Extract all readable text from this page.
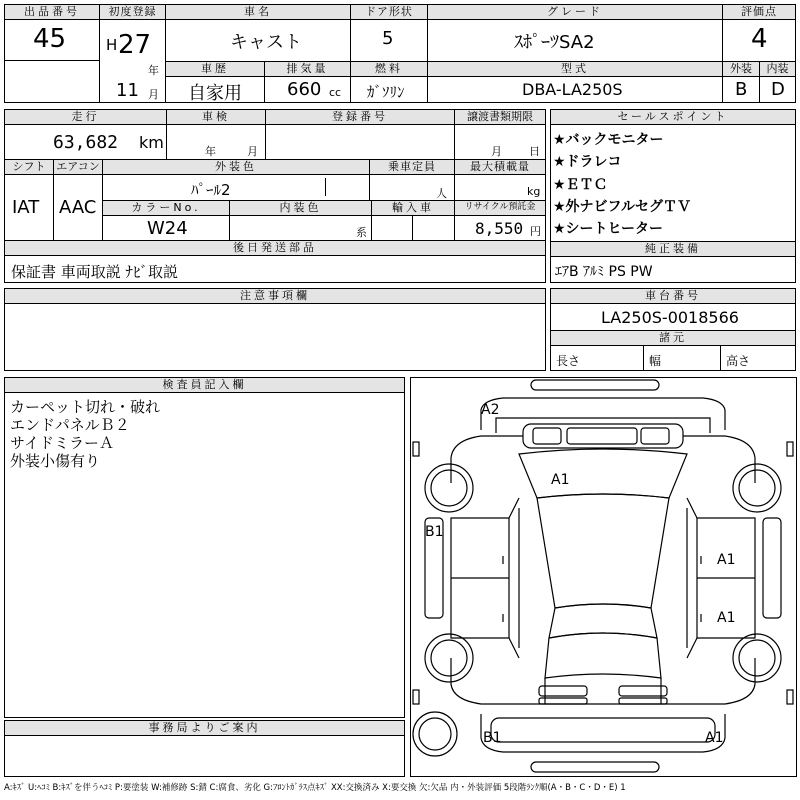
出品番号
45
初度登録
H 27
年
11 月
車名
キャスト
車歴
自家用
排気量
660 cc
ドア形状
5
燃料
ｶﾞｿﾘﾝ
グレード
ｽﾎﾟｰﾂSA2
型式
DBA-LA250S
評価点
4
外装	内装
B D
走行
63,682 km
車検
年	月
登録番号	譲渡書類期限
月 日
シフト
IAT
エアコン
AAC
外装色
ﾊﾟｰﾙ2
乗車定員
人
最大積載量
kg
カラーNo.
W24
内装色
系
輸入車	リサイクル預託金
8,550 円
後日発送部品
保証書 車両取説 ﾅﾋﾞ取説
セールスポイント
★バックモニター
★ドラレコ
★ＥＴＣ
★外ナビフルセグＴＶ
★シートヒーター
純正装備
ｴｱB ｱﾙﾐ PS PW
注意事項欄	車台番号
LA250S-0018566
諸元
長さ	幅	高さ
検査員記入欄
カーペット切れ・破れ
エンドパネルＢ２
サイドミラーＡ
外装小傷有り
事務局よりご案内
A2
A1
B1
A1
A1
B1	A1
A:ｷｽﾞ U:ﾍｺﾐ B:ｷｽﾞを伴うﾍｺﾐ P:要塗装 W:補修跡 S:錆 C:腐食、劣化 G:ﾌﾛﾝﾄｶﾞﾗｽ点ｷｽﾞ XX:交換済み X:要交換 欠:欠品 内・外装評価 5段階ﾗﾝｸ順(A・B・C・D・E) 1
